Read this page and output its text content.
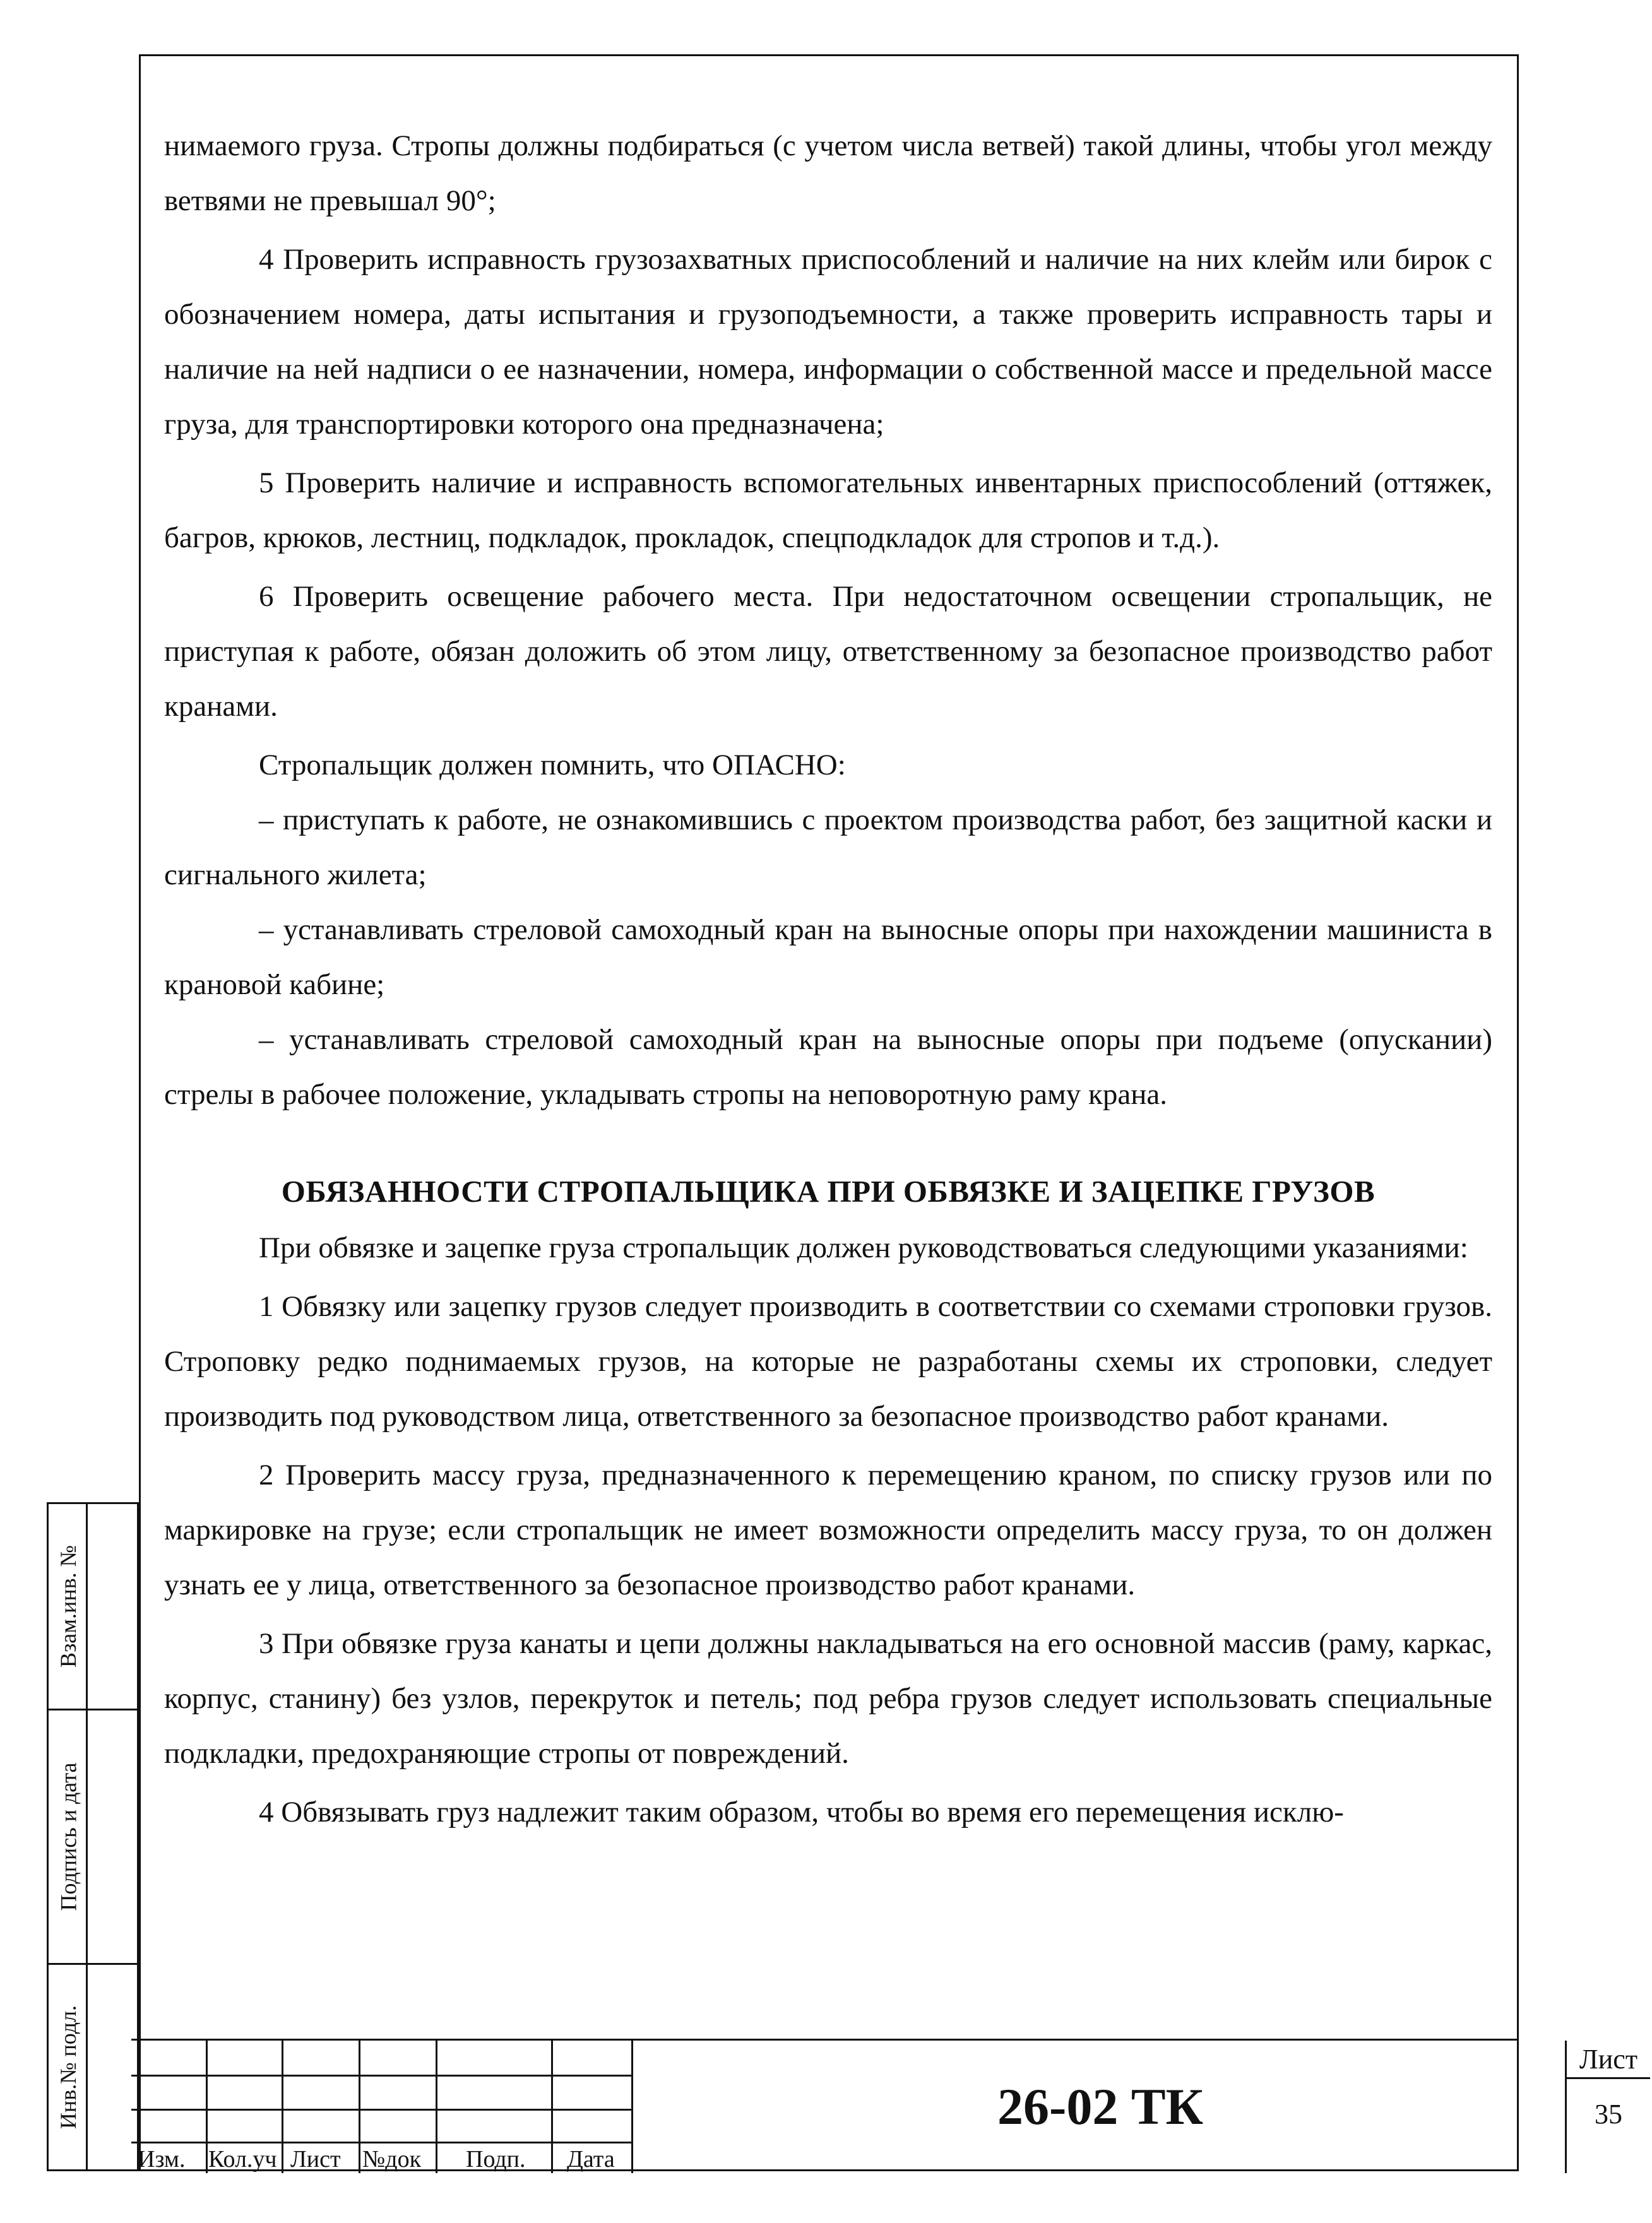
нимаемого груза. Стропы должны подбираться (с учетом числа ветвей) такой длины, чтобы угол между ветвями не превышал 90°;

4 Проверить исправность грузозахватных приспособлений и наличие на них клейм или бирок с обозначением номера, даты испытания и грузоподъемности, а также проверить исправность тары и наличие на ней надписи о ее назначении, номера, информации о собственной массе и предельной массе груза, для транспортировки которого она предназначена;

5 Проверить наличие и исправность вспомогательных инвентарных приспособлений (оттяжек, багров, крюков, лестниц, подкладок, прокладок, спецподкладок для стропов и т.д.).

6 Проверить освещение рабочего места. При недостаточном освещении стропальщик, не приступая к работе, обязан доложить об этом лицу, ответственному за безопасное производство работ кранами.

Стропальщик должен помнить, что ОПАСНО:

– приступать к работе, не ознакомившись с проектом производства работ, без защитной каски и сигнального жилета;

– устанавливать стреловой самоходный кран на выносные опоры при нахождении машиниста в крановой кабине;

– устанавливать стреловой самоходный кран на выносные опоры при подъеме (опускании) стрелы в рабочее положение, укладывать стропы на неповоротную раму крана.

ОБЯЗАННОСТИ СТРОПАЛЬЩИКА ПРИ ОБВЯЗКЕ И ЗАЦЕПКЕ ГРУЗОВ

При обвязке и зацепке груза стропальщик должен руководствоваться следующими указаниями:

1 Обвязку или зацепку грузов следует производить в соответствии со схемами строповки грузов. Строповку редко поднимаемых грузов, на которые не разработаны схемы их строповки, следует производить под руководством лица, ответственного за безопасное производство работ кранами.

2 Проверить массу груза, предназначенного к перемещению краном, по списку грузов или по маркировке на грузе; если стропальщик не имеет возможности определить массу груза, то он должен узнать ее у лица, ответственного за безопасное производство работ кранами.

3 При обвязке груза канаты и цепи должны накладываться на его основной массив (раму, каркас, корпус, станину) без узлов, перекруток и петель; под ребра грузов следует использовать специальные подкладки, предохраняющие стропы от повреждений.

4 Обвязывать груз надлежит таким образом, чтобы во время его перемещения исклю-

Взам.инв. №
Подпись и дата
Инв.№ подл.
Изм. Кол.уч Лист №док Подп. Дата
26-02 ТК
Лист
35
